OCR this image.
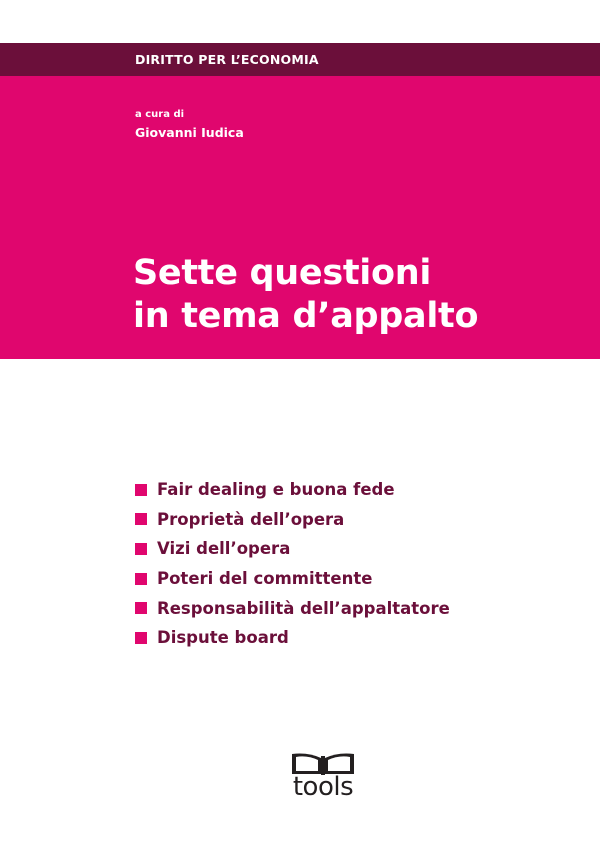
DIRITTO PER L’ECONOMIA
a cura di
Giovanni Iudica
Sette questioni
in tema d’appalto
Fair dealing e buona fede
Proprietà dell’opera
Vizi dell’opera
Poteri del committente
Responsabilità dell’appaltatore
Dispute board
tools
